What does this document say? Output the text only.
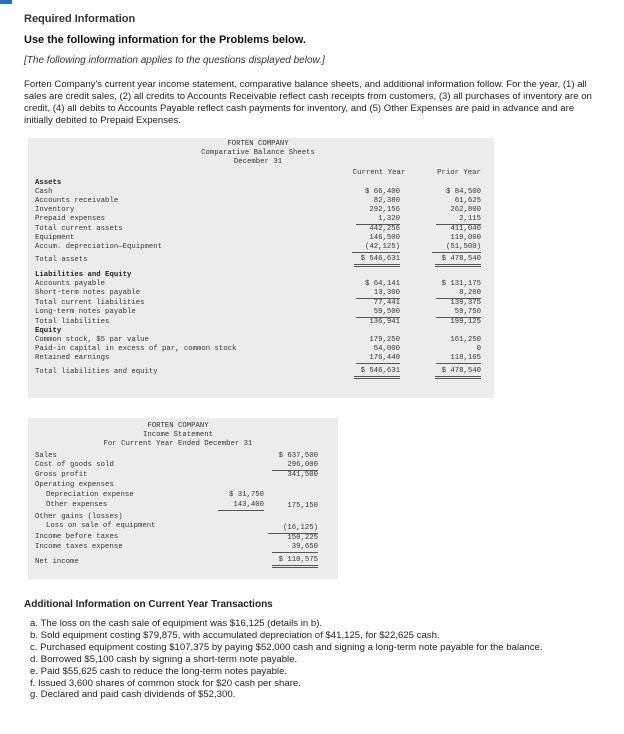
Required Information
Use the following information for the Problems below.
[The following information applies to the questions displayed below.]
Forten Company's current year income statement, comparative balance sheets, and additional information follow. For the year, (1) all sales are credit sales, (2) all credits to Accounts Receivable reflect cash receipts from customers, (3) all purchases of inventory are on credit, (4) all debits to Accounts Payable reflect cash payments for inventory, and (5) Other Expenses are paid in advance and are initially debited to Prepaid Expenses.
FORTEN COMPANY
Comparative Balance Sheets
December 31
Current Year	Prior Year
Assets
Cash	$ 66,400	$ 84,500
Accounts receivable	82,380	61,625
Inventory	292,156	262,800
Prepaid expenses	1,320	2,115
Total current assets	442,256	411,040
Equipment	146,500	119,000
Accum. depreciation—Equipment	(42,125)	(51,500)
Total assets	$ 546,631	$ 478,540
Liabilities and Equity
Accounts payable	$ 64,141	$ 131,175
Short-term notes payable	13,300	8,200
Total current liabilities	77,441	139,375
Long-term notes payable	59,500	59,750
Total liabilities	136,941	199,125
Equity
Common stock, $5 par value	179,250	161,250
Paid-in capital in excess of par, common stock	54,000	0
Retained earnings	176,440	118,165
Total liabilities and equity	$ 546,631	$ 478,540
FORTEN COMPANY
Income Statement
For Current Year Ended December 31
Sales	$ 637,500
Cost of goods sold	296,000
Gross profit	341,500
Operating expenses
Depreciation expense	$ 31,750
Other expenses	143,400	175,150
Other gains (losses)
Loss on sale of equipment	(16,125)
Income before taxes	150,225
Income taxes expense	39,650
Net income	$ 110,575
Additional Information on Current Year Transactions
a. The loss on the cash sale of equipment was $16,125 (details in b).
b. Sold equipment costing $79,875, with accumulated depreciation of $41,125, for $22,625 cash.
c. Purchased equipment costing $107,375 by paying $52,000 cash and signing a long-term note payable for the balance.
d. Borrowed $5,100 cash by signing a short-term note payable.
e. Paid $55,625 cash to reduce the long-term notes payable.
f. Issued 3,600 shares of common stock for $20 cash per share.
g. Declared and paid cash dividends of $52,300.
